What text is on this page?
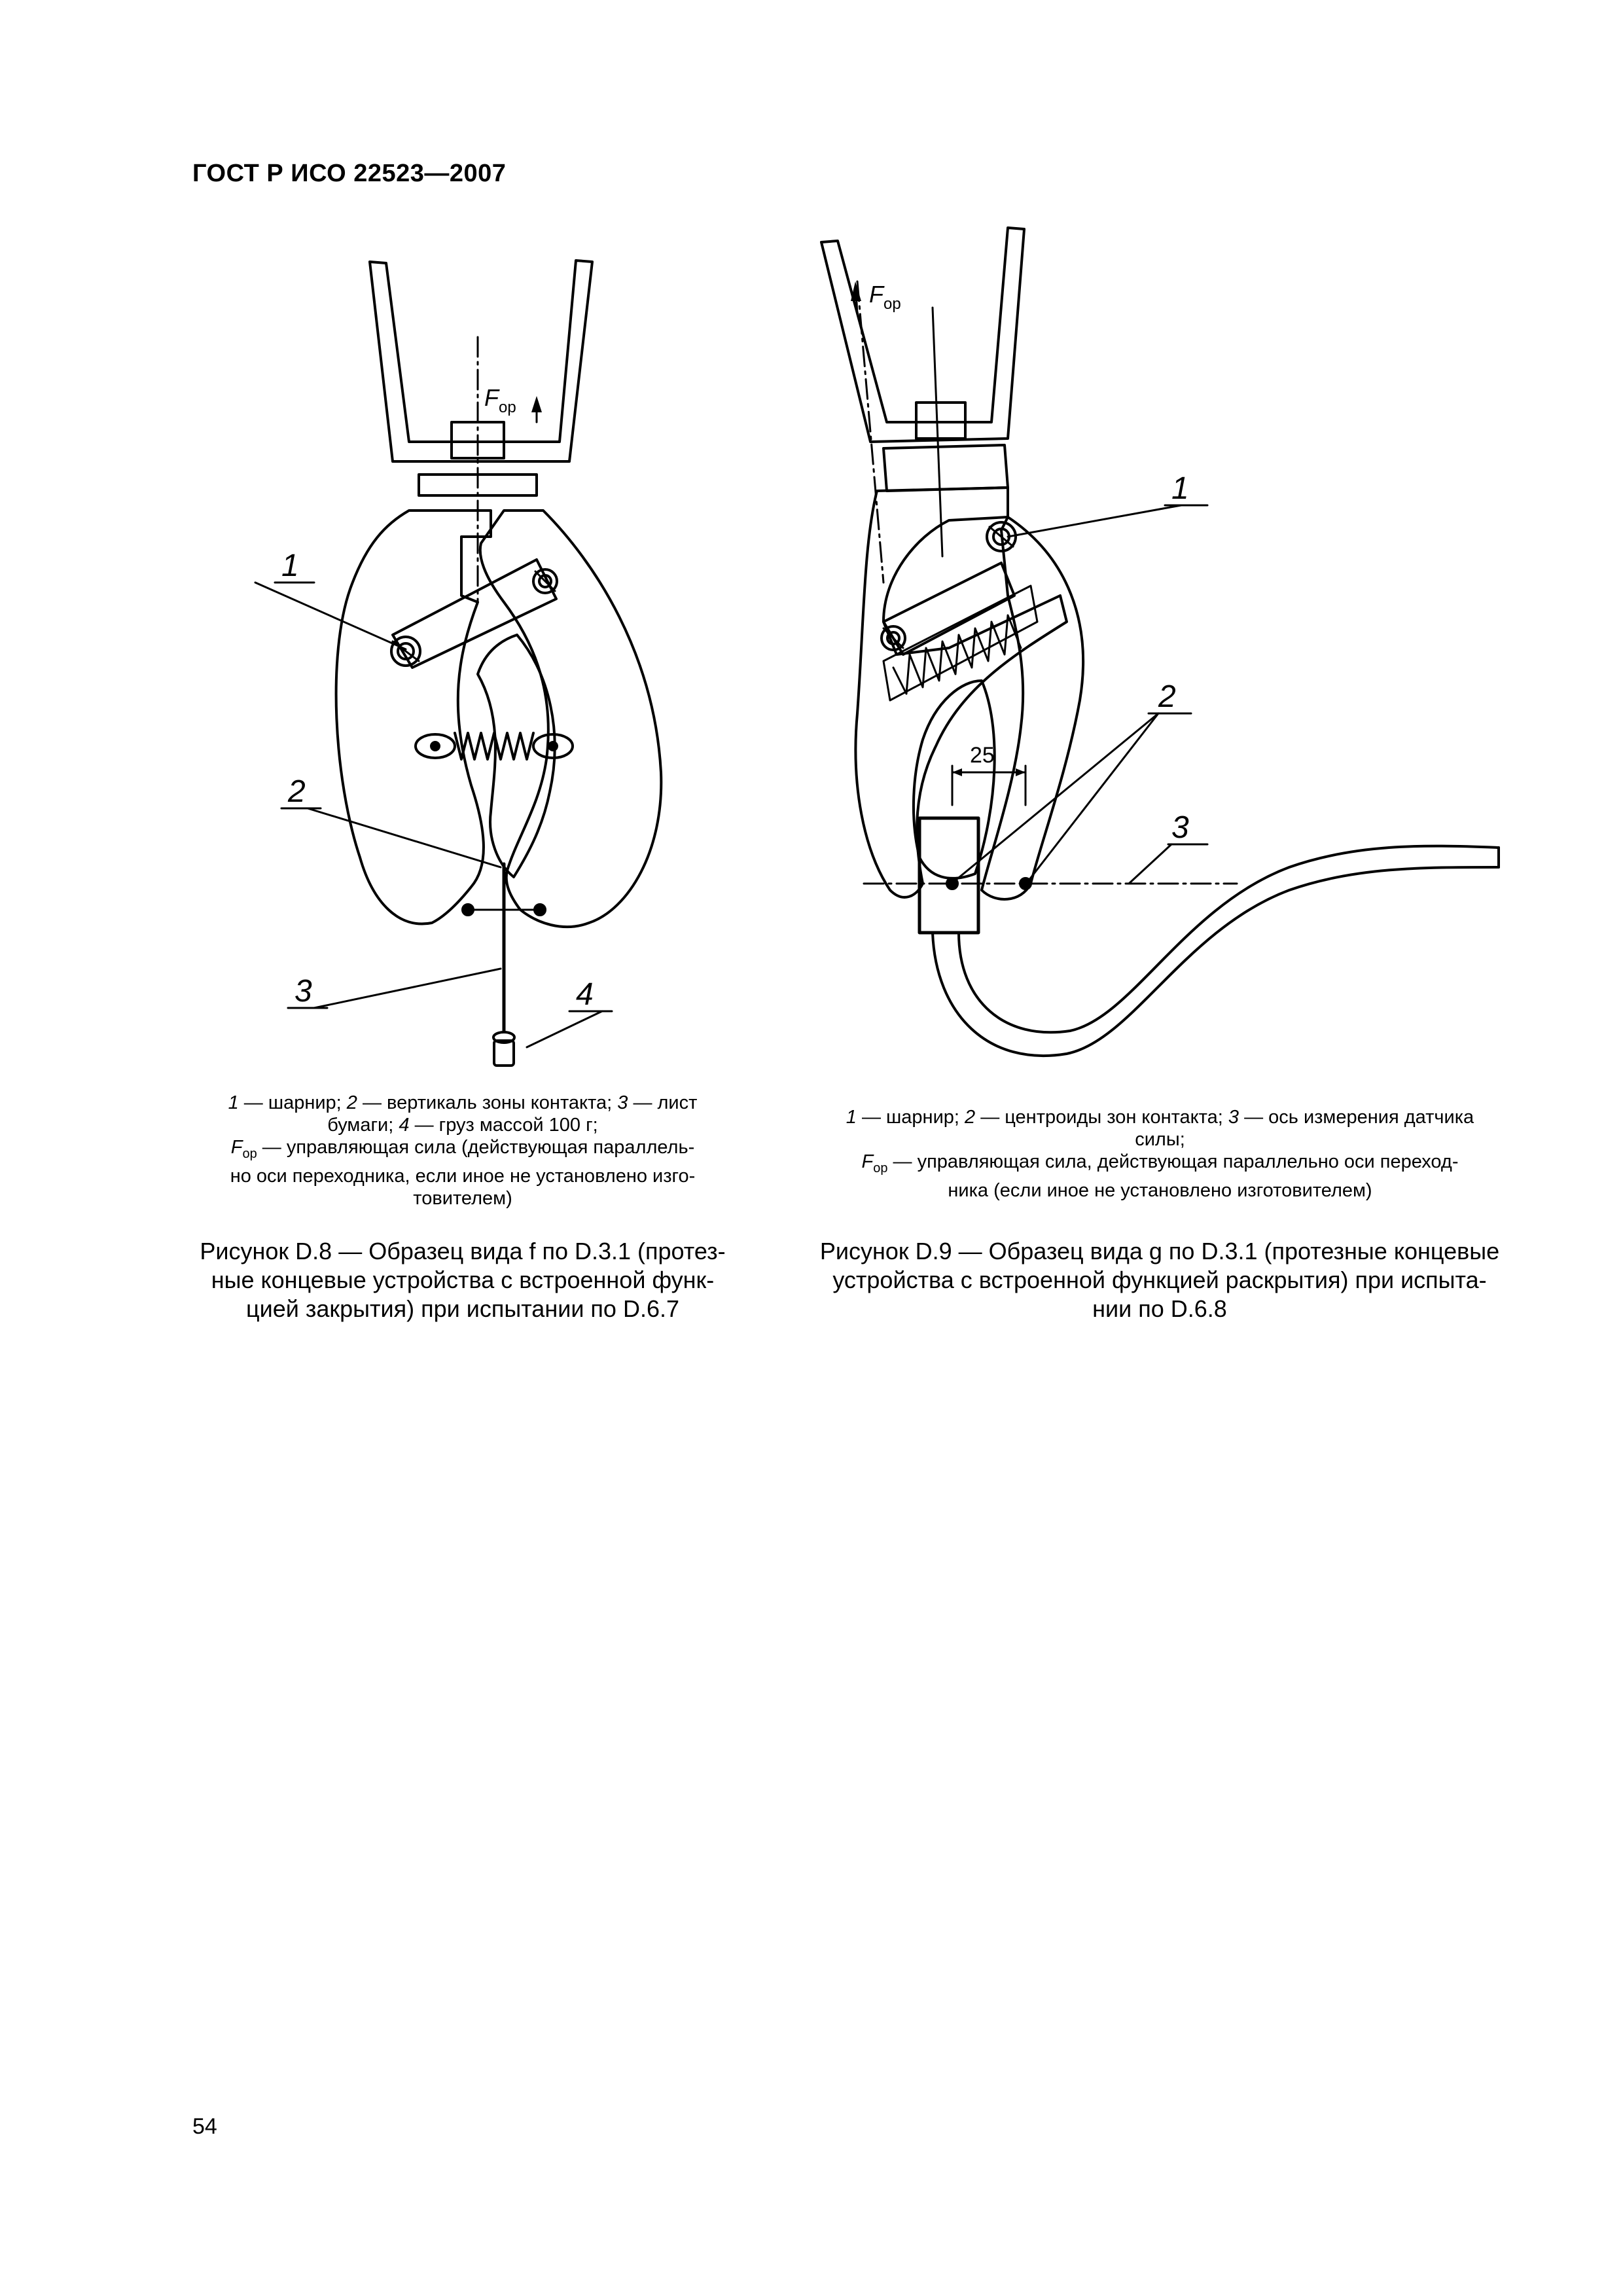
ГОСТ Р ИСО 22523—2007
F op
1
2
3	4
F op
25
1
2
3
1 — шарнир; 2 — вертикаль зоны контакта; 3 — лист
бумаги; 4 — груз массой 100 г;
$F_{op}$ — управляющая сила (действующая параллель-
но оси переходника, если иное не установлено изго-
товителем)
1 — шарнир; 2 — центроиды зон контакта; 3 — ось измерения датчика
силы;
$F_{op}$ — управляющая сила, действующая параллельно оси переход-
ника (если иное не установлено изготовителем)
Рисунок D.8 — Образец вида f по D.3.1 (протез-
ные концевые устройства с встроенной функ-
цией закрытия) при испытании по D.6.7
Рисунок D.9 — Образец вида g по D.3.1 (протезные концевые
устройства с встроенной функцией раскрытия) при испыта-
нии по D.6.8
54
